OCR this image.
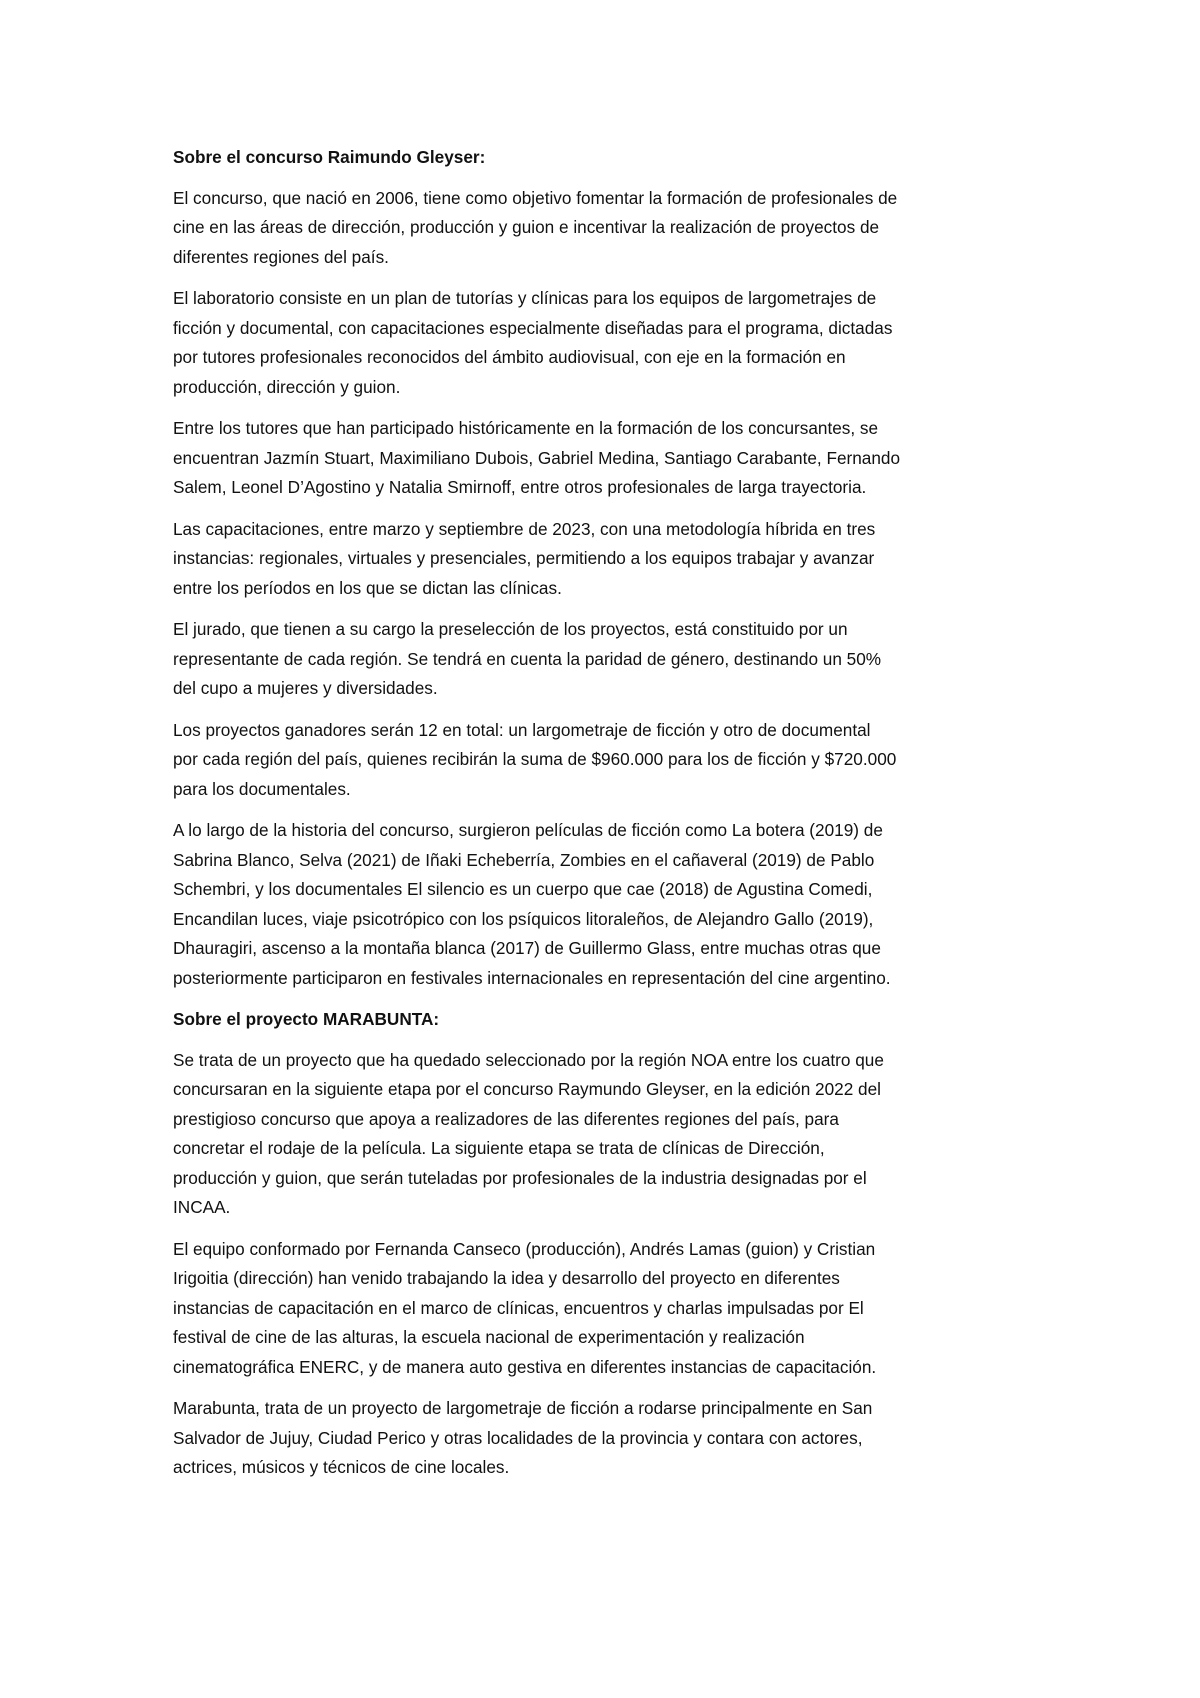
Sobre el concurso Raimundo Gleyser:
El concurso, que nació en 2006, tiene como objetivo fomentar la formación de profesionales de
cine en las áreas de dirección, producción y guion e incentivar la realización de proyectos de
diferentes regiones del país.
El laboratorio consiste en un plan de tutorías y clínicas para los equipos de largometrajes de
ficción y documental, con capacitaciones especialmente diseñadas para el programa, dictadas
por tutores profesionales reconocidos del ámbito audiovisual, con eje en la formación en
producción, dirección y guion.
Entre los tutores que han participado históricamente en la formación de los concursantes, se
encuentran Jazmín Stuart, Maximiliano Dubois, Gabriel Medina, Santiago Carabante, Fernando
Salem, Leonel D’Agostino y Natalia Smirnoff, entre otros profesionales de larga trayectoria.
Las capacitaciones, entre marzo y septiembre de 2023, con una metodología híbrida en tres
instancias: regionales, virtuales y presenciales, permitiendo a los equipos trabajar y avanzar
entre los períodos en los que se dictan las clínicas.
El jurado, que tienen a su cargo la preselección de los proyectos, está constituido por un
representante de cada región. Se tendrá en cuenta la paridad de género, destinando un 50%
del cupo a mujeres y diversidades.
Los proyectos ganadores serán 12 en total: un largometraje de ficción y otro de documental
por cada región del país, quienes recibirán la suma de $960.000 para los de ficción y $720.000
para los documentales.
A lo largo de la historia del concurso, surgieron películas de ficción como La botera (2019) de
Sabrina Blanco, Selva (2021) de Iñaki Echeberría, Zombies en el cañaveral (2019) de Pablo
Schembri, y los documentales El silencio es un cuerpo que cae (2018) de Agustina Comedi,
Encandilan luces, viaje psicotrópico con los psíquicos litoraleños, de Alejandro Gallo (2019),
Dhauragiri, ascenso a la montaña blanca (2017) de Guillermo Glass, entre muchas otras que
posteriormente participaron en festivales internacionales en representación del cine argentino.
Sobre el proyecto MARABUNTA:
Se trata de un proyecto que ha quedado seleccionado por la región NOA entre los cuatro que
concursaran en la siguiente etapa por el concurso Raymundo Gleyser, en la edición 2022 del
prestigioso concurso que apoya a realizadores de las diferentes regiones del país, para
concretar el rodaje de la película. La siguiente etapa se trata de clínicas de Dirección,
producción y guion, que serán tuteladas por profesionales de la industria designadas por el
INCAA.
El equipo conformado por Fernanda Canseco (producción), Andrés Lamas (guion) y Cristian
Irigoitia (dirección) han venido trabajando la idea y desarrollo del proyecto en diferentes
instancias de capacitación en el marco de clínicas, encuentros y charlas impulsadas por El
festival de cine de las alturas, la escuela nacional de experimentación y realización
cinematográfica ENERC, y de manera auto gestiva en diferentes instancias de capacitación.
Marabunta, trata de un proyecto de largometraje de ficción a rodarse principalmente en San
Salvador de Jujuy, Ciudad Perico y otras localidades de la provincia y contara con actores,
actrices, músicos y técnicos de cine locales.
